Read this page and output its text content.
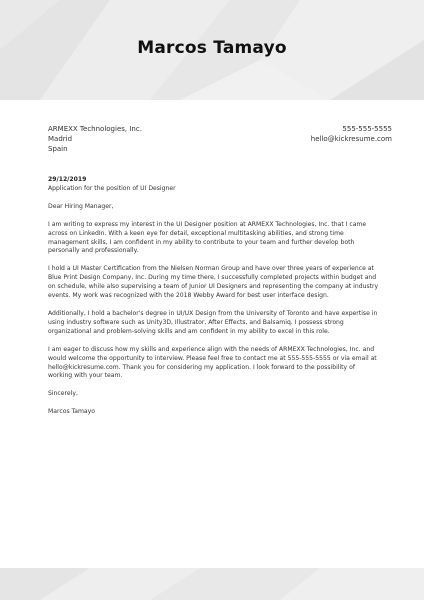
Marcos Tamayo
ARMEXX Technologies, Inc.
Madrid
Spain
555-555-5555
hello@kickresume.com

29/12/2019

Application for the position of UI Designer

Dear Hiring Manager,

I am writing to express my interest in the UI Designer position at ARMEXX Technologies, Inc. that I came
across on LinkedIn. With a keen eye for detail, exceptional multitasking abilities, and strong time
management skills, I am confident in my ability to contribute to your team and further develop both
personally and professionally.

I hold a UI Master Certification from the Nielsen Norman Group and have over three years of experience at
Blue Print Design Company, Inc. During my time there, I successfully completed projects within budget and
on schedule, while also supervising a team of Junior UI Designers and representing the company at industry
events. My work was recognized with the 2018 Webby Award for best user interface design.

Additionally, I hold a bachelor's degree in UI/UX Design from the University of Toronto and have expertise in
using industry software such as Unity3D, Illustrator, After Effects, and Balsamiq. I possess strong
organizational and problem-solving skills and am confident in my ability to excel in this role.

I am eager to discuss how my skills and experience align with the needs of ARMEXX Technologies, Inc. and
would welcome the opportunity to interview. Please feel free to contact me at 555-555-5555 or via email at
hello@kickresume.com. Thank you for considering my application. I look forward to the possibility of
working with your team.

Sincerely,

Marcos Tamayo
